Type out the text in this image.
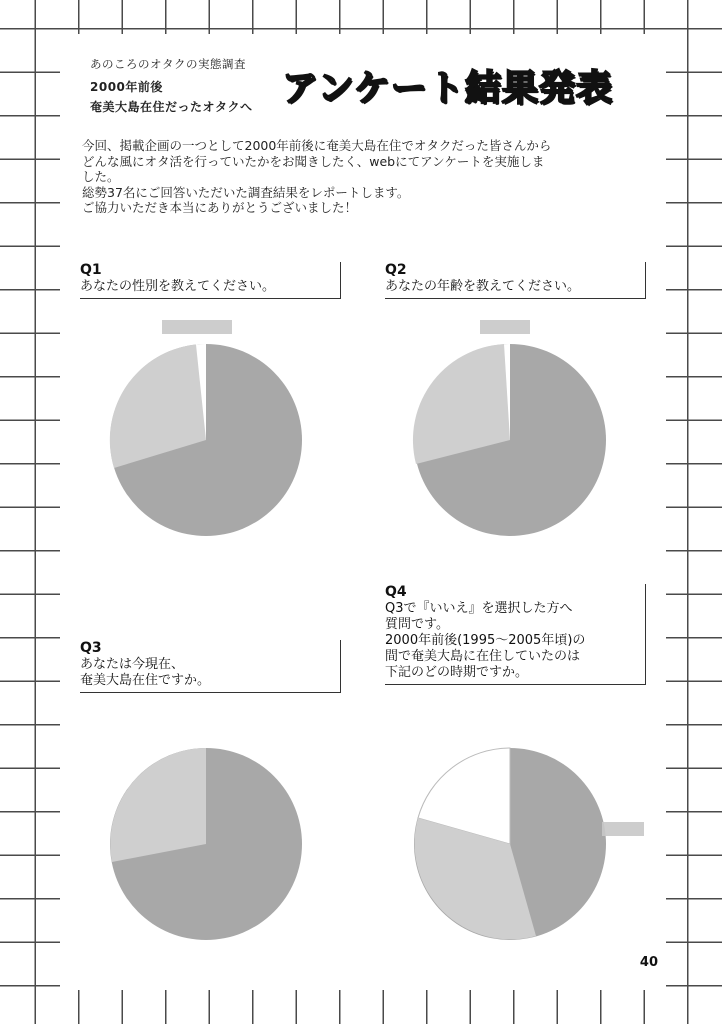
あのころのオタクの実態調査
2000年前後
奄美大島在住だったオタクへ アンケート結果発表
今回、掲載企画の一つとして2000年前後に奄美大島在住でオタクだった皆さんから
どんな風にオタ活を行っていたかをお聞きしたく、webにてアンケートを実施しま
した。
総勢37名にご回答いただいた調査結果をレポートします。
ご協力いただき本当にありがとうございました！
Q1
あなたの性別を教えてください。
Q2
あなたの年齢を教えてください。
Q4
Q3で『いいえ』を選択した方へ
質問です。
2000年前後(1995〜2005年頃)の
間で奄美大島に在住していたのは
下記のどの時期ですか。
Q3
あなたは今現在、
奄美大島在住ですか。
40
